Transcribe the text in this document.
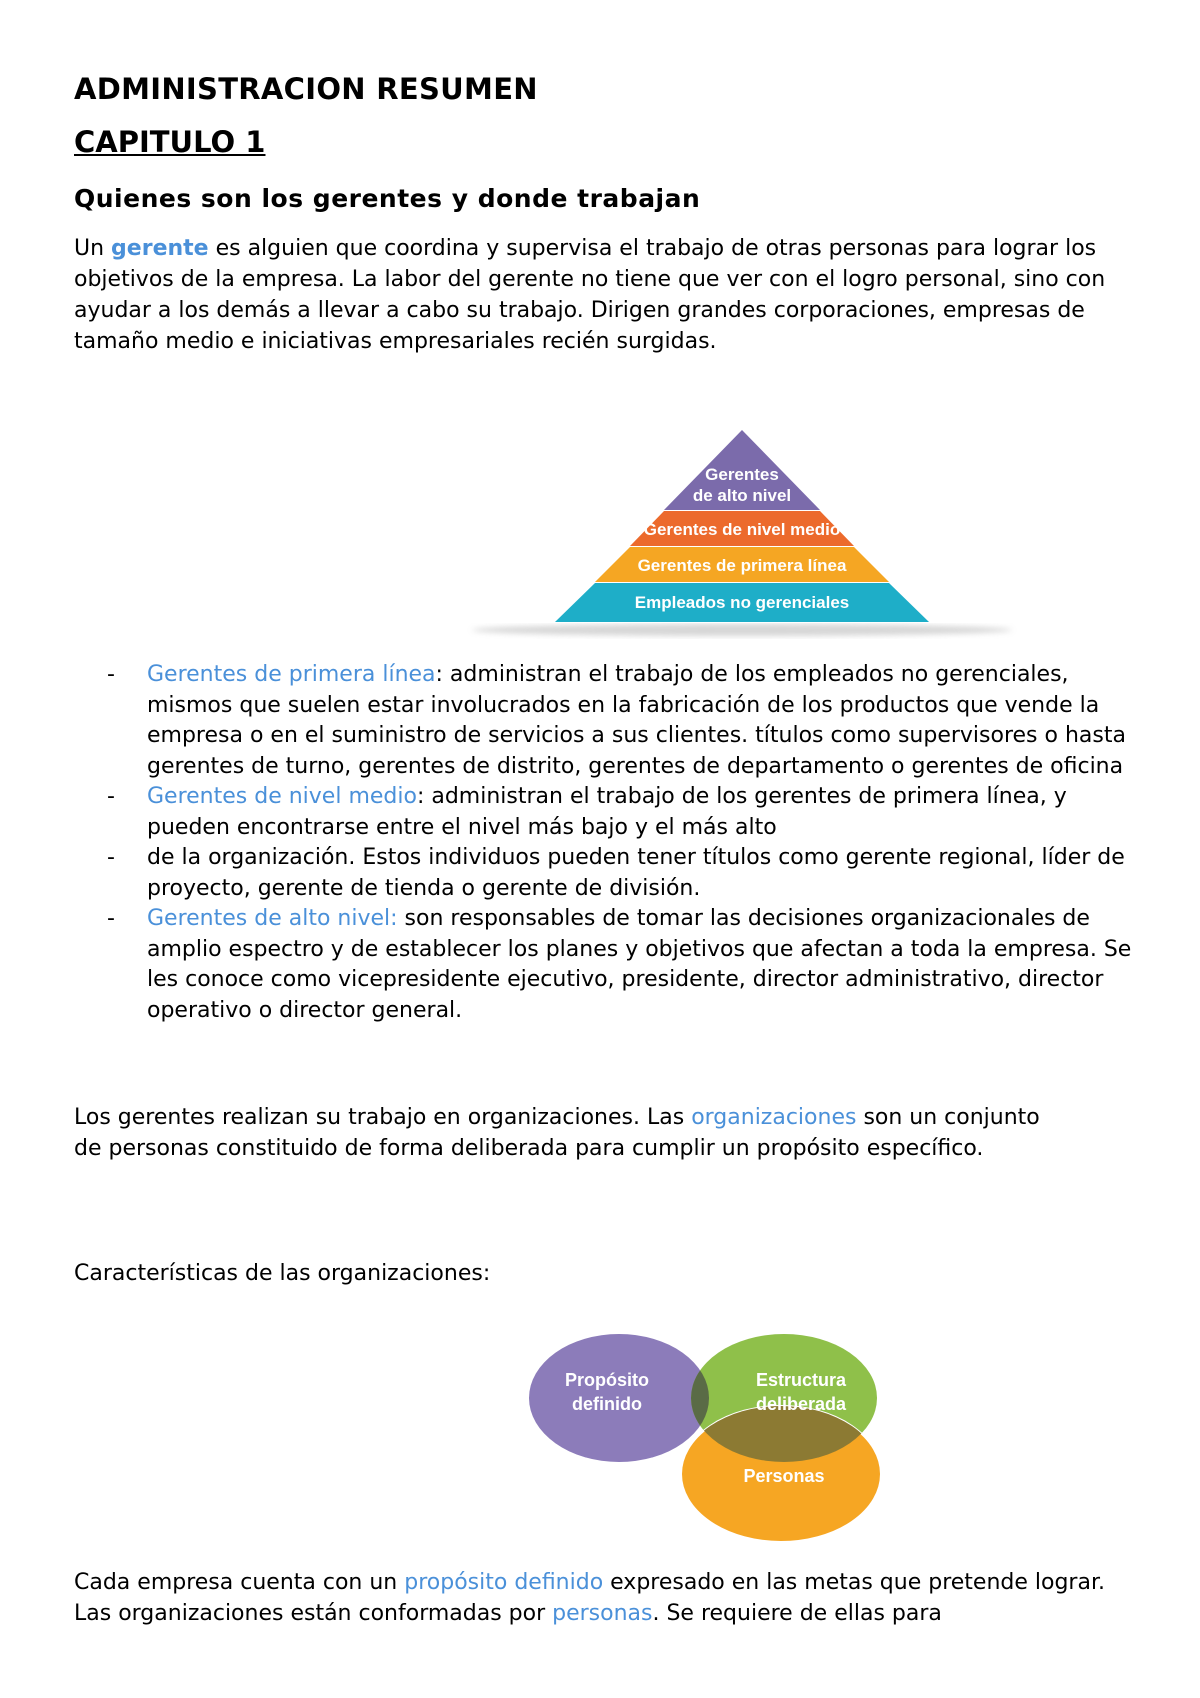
ADMINISTRACION RESUMEN
CAPITULO 1
Quienes son los gerentes y donde trabajan

Un gerente es alguien que coordina y supervisa el trabajo de otras personas para lograr los objetivos de la empresa. La labor del gerente no tiene que ver con el logro personal, sino con ayudar a los demás a llevar a cabo su trabajo. Dirigen grandes corporaciones, empresas de tamaño medio e iniciativas empresariales recién surgidas.

Gerentes
de alto nivel
Gerentes de nivel medio
Gerentes de primera línea
Empleados no gerenciales
- Gerentes de primera línea: administran el trabajo de los empleados no gerenciales, mismos que suelen estar involucrados en la fabricación de los productos que vende la empresa o en el suministro de servicios a sus clientes. títulos como supervisores o hasta gerentes de turno, gerentes de distrito, gerentes de departamento o gerentes de oficina
- Gerentes de nivel medio: administran el trabajo de los gerentes de primera línea, y pueden encontrarse entre el nivel más bajo y el más alto
- de la organización. Estos individuos pueden tener títulos como gerente regional, líder de proyecto, gerente de tienda o gerente de división.
- Gerentes de alto nivel: son responsables de tomar las decisiones organizacionales de amplio espectro y de establecer los planes y objetivos que afectan a toda la empresa. Se les conoce como vicepresidente ejecutivo, presidente, director administrativo, director operativo o director general.

Los gerentes realizan su trabajo en organizaciones. Las organizaciones son un conjunto de personas constituido de forma deliberada para cumplir un propósito específico.

Características de las organizaciones:

Propósito
definido
Estructura
deliberada
Personas

Cada empresa cuenta con un propósito definido expresado en las metas que pretende lograr. Las organizaciones están conformadas por personas. Se requiere de ellas para
